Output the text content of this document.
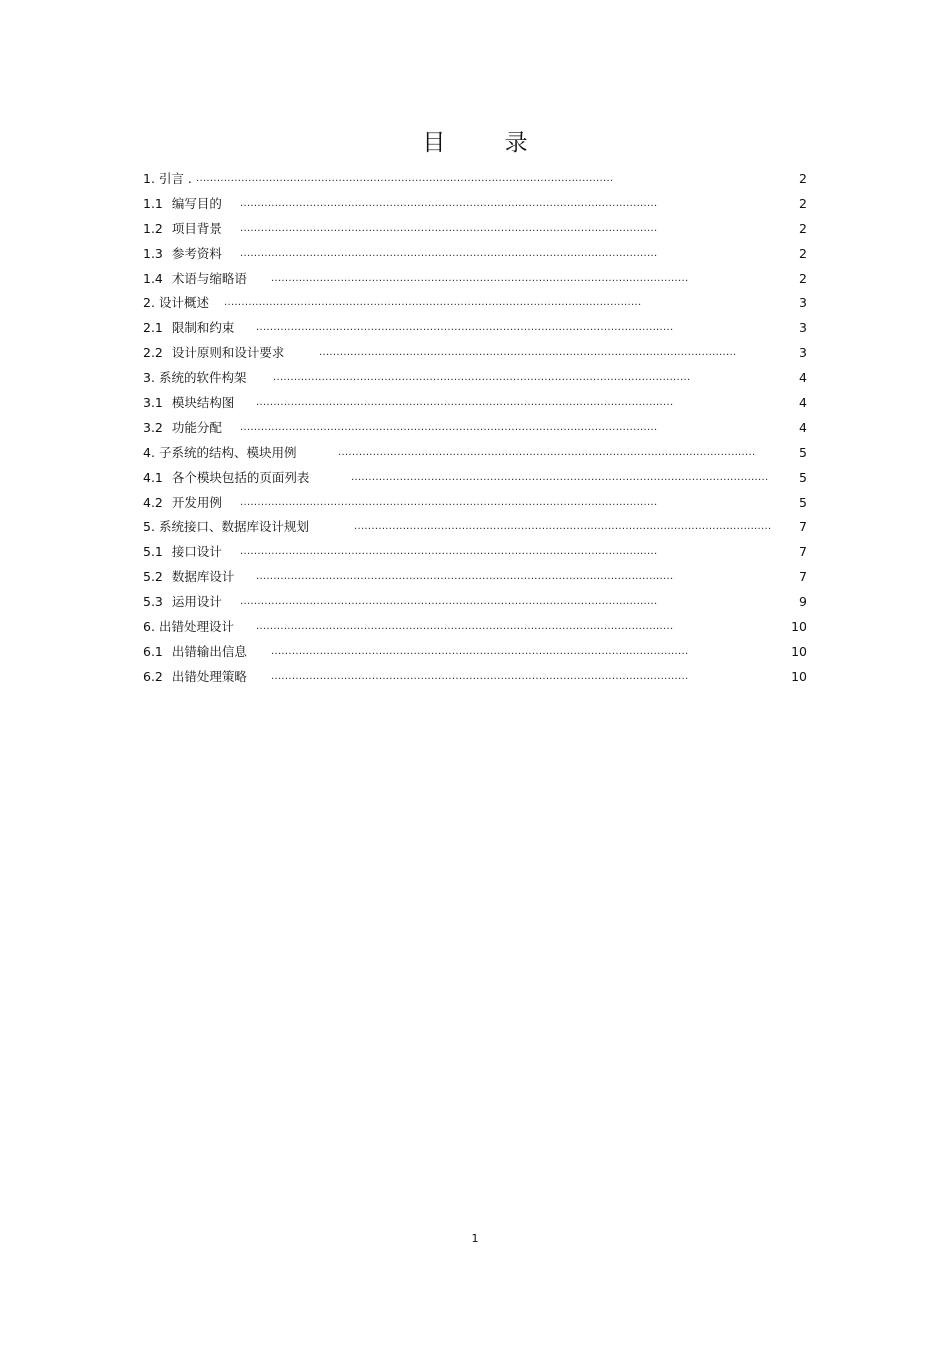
目 录
1. 引言 . ........................................................................................................................	2
1.1 编写目的 ........................................................................................................................	2
1.2 项目背景 ........................................................................................................................	2
1.3 参考资料 ........................................................................................................................	2
1.4 术语与缩略语 ........................................................................................................................	2
2. 设计概述 ........................................................................................................................	3
2.1 限制和约束 ........................................................................................................................	3
2.2 设计原则和设计要求	........................................................................................................................	3
3. 系统的软件构架	........................................................................................................................	4
3.1 模块结构图 ........................................................................................................................	4
3.2 功能分配 ........................................................................................................................	4
4. 子系统的结构、模块用例	........................................................................................................................	5
4.1 各个模块包括的页面列表	........................................................................................................................ 5
4.2 开发用例 ........................................................................................................................	5
5. 系统接口、数据库设计规划	........................................................................................................................ 7
5.1 接口设计 ........................................................................................................................	7
5.2 数据库设计 ........................................................................................................................	7
5.3 运用设计 ........................................................................................................................	9
6. 出错处理设计 ........................................................................................................................	10
6.1 出错输出信息 ........................................................................................................................	10
6.2 出错处理策略 ........................................................................................................................	10
1
